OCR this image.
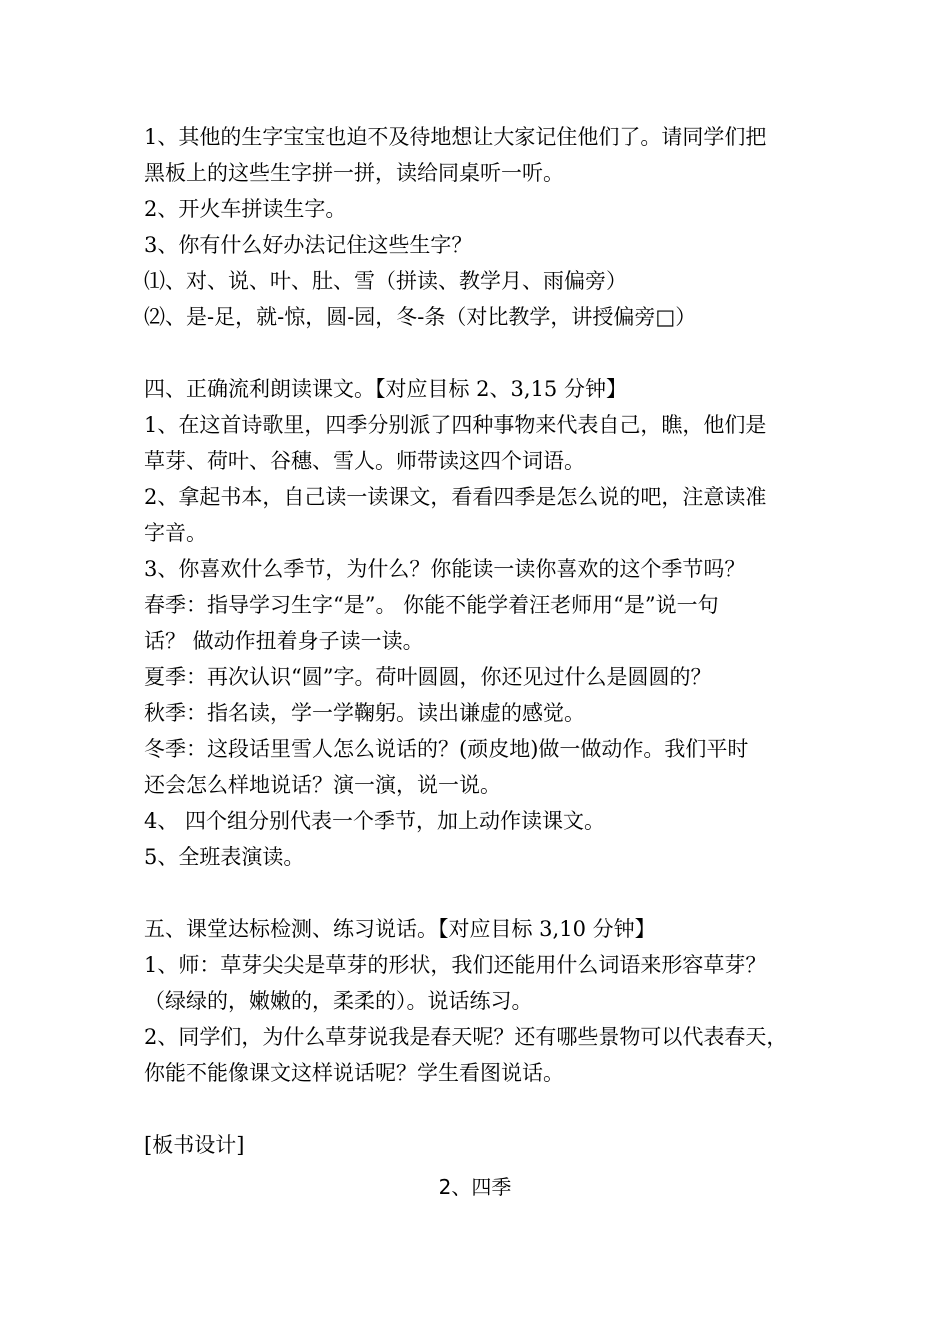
1、其他的生字宝宝也迫不及待地想让大家记住他们了。请同学们把
黑板上的这些生字拼一拼，读给同桌听一听。
2、开火车拼读生字。
3、你有什么好办法记住这些生字？
⑴、对、说、叶、肚、雪（拼读、教学月、雨偏旁）
⑵、是-足，就-惊，圆-园，冬-条（对比教学，讲授偏旁□）
四、正确流利朗读课文。【对应目标 2、3,15 分钟】
1、在这首诗歌里，四季分别派了四种事物来代表自己，瞧，他们是
草芽、荷叶、谷穗、雪人。师带读这四个词语。
2、拿起书本，自己读一读课文，看看四季是怎么说的吧，注意读准
字音。
3、你喜欢什么季节，为什么？你能读一读你喜欢的这个季节吗？
春季：指导学习生字“是”。 你能不能学着汪老师用“是”说一句
话？ 做动作扭着身子读一读。
夏季：再次认识“圆”字。荷叶圆圆，你还见过什么是圆圆的？
秋季：指名读，学一学鞠躬。读出谦虚的感觉。
冬季：这段话里雪人怎么说话的？(顽皮地)做一做动作。我们平时
还会怎么样地说话？演一演，说一说。
4、 四个组分别代表一个季节，加上动作读课文。
5、全班表演读。
五、课堂达标检测、练习说话。【对应目标 3,10 分钟】
1、师：草芽尖尖是草芽的形状，我们还能用什么词语来形容草芽？
（绿绿的，嫩嫩的，柔柔的）。说话练习。
2、同学们，为什么草芽说我是春天呢？还有哪些景物可以代表春天，
你能不能像课文这样说话呢？学生看图说话。
[板书设计]
2、四季
